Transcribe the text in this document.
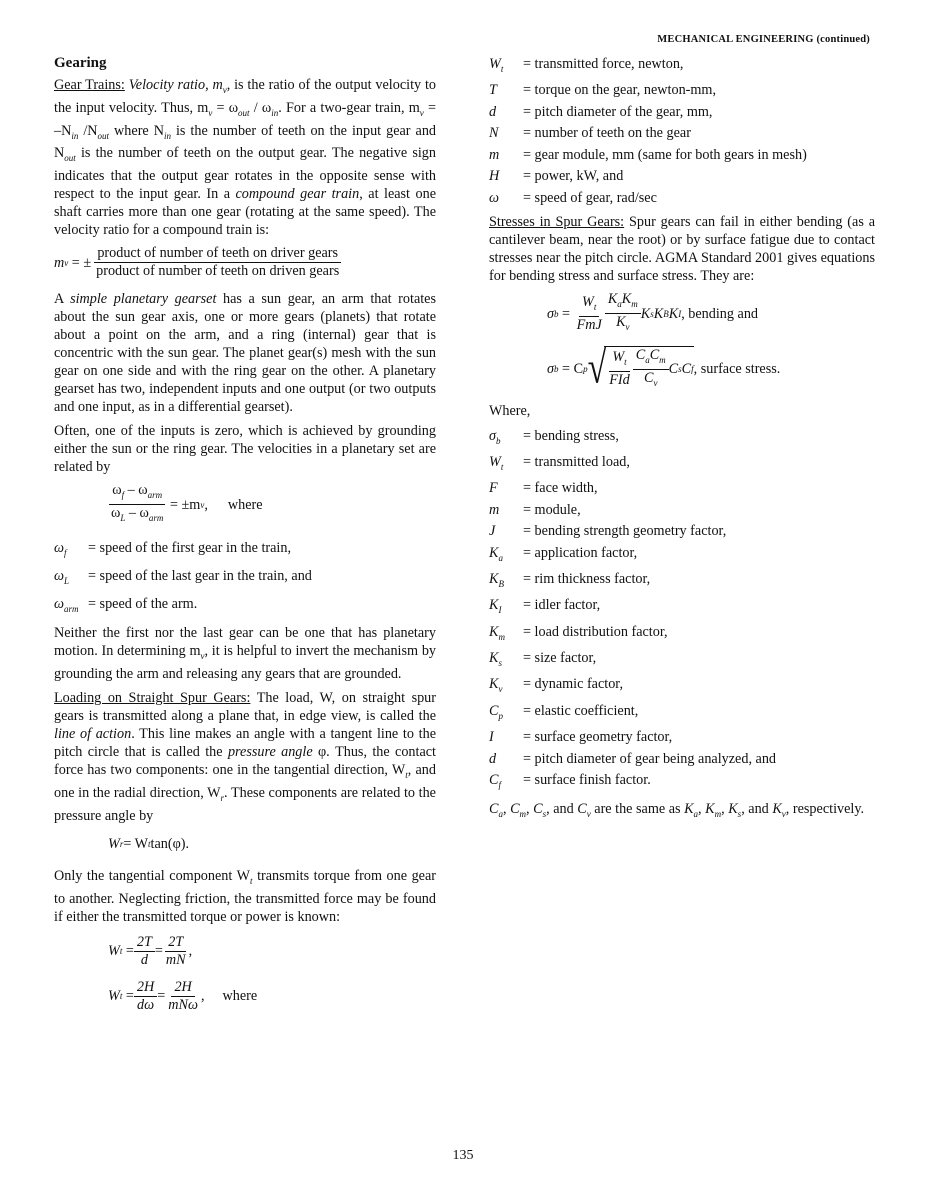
MECHANICAL ENGINEERING (continued)
Gearing

Gear Trains: Velocity ratio, $m_v$, is the ratio of the output velocity to the input velocity. Thus, $m_v = \omega_{out} / \omega_{in}$. For a two-gear train, $m_v = -N_{in}$ $/N_{out}$ where $N_{in}$ is the number of teeth on the input gear and $N_{out}$ is the number of teeth on the output gear. The negative sign indicates that the output gear rotates in the opposite sense with respect to the input gear. In a compound gear train, at least one shaft carries more than one gear (rotating at the same speed). The velocity ratio for a compound train is:

m v
= ± $\frac{\text{product of number of teeth on driver gears}}{\text{product of number of teeth on driven gears}}$

A simple planetary gearset has a sun gear, an arm that rotates about the sun gear axis, one or more gears (planets) that rotate about a point on the arm, and a ring (internal) gear that is concentric with the sun gear. The planet gear(s) mesh with the sun gear on one side and with the ring gear on the other. A planetary gearset has two, independent inputs and one output (or two outputs and one input, as in a differential gearset).

Often, one of the inputs is zero, which is achieved by grounding either the sun or the ring gear. The velocities in a planetary set are related by

$\frac{\omega_f - \omega_{arm}}{\omega_L - \omega_{arm}}$
= ±m v , where
$\omega_f$	= speed of the first gear in the train,
$\omega_L$	= speed of the last gear in the train, and
$\omega_{arm}$ = speed of the arm.

Neither the first nor the last gear can be one that has planetary motion. In determining $m_v$, it is helpful to invert the mechanism by grounding the arm and releasing any gears that are grounded.

Loading on Straight Spur Gears: The load, W, on straight spur gears is transmitted along a plane that, in edge view, is called the line of action. This line makes an angle with a tangent line to the pitch circle that is called the pressure angle φ. Thus, the contact force has two components: one in the tangential direction, $W_t$, and one in the radial direction, $W_r$. These components are related to the pressure angle by

W r = W t tan(φ).

Only the tangential component $W_t$ transmits torque from one gear to another. Neglecting friction, the transmitted force may be found if either the transmitted torque or power is known:

W $t = \frac{2T}{d} = \frac{2T}{mN}$ ,
W $t = \frac{2H}{d\omega} = \frac{2H}{\text{mNω}}$ , where
$W_t$	= transmitted force, newton,
T	= torque on the gear, newton-mm,
d	= pitch diameter of the gear, mm,
N	= number of teeth on the gear
m	= gear module, mm (same for both gears in mesh)
H	= power, kW, and
ω	= speed of gear, rad/sec

Stresses in Spur Gears: Spur gears can fail in either bending (as a cantilever beam, near the root) or by surface fatigue due to contact stresses near the pitch circle. AGMA Standard 2001 gives equations for bending stress and surface stress. They are:

σ $b = \frac{W_t}{\text{FmJ}} \frac{K_aK_m}{K_v}$ K s K B K I , bending and
σ b
= C p √ $\frac{W_t}{\text{FId}} \frac{C_aC_m}{C_v}$ C s C f , surface stress.

Where,

$\sigma_b$	= bending stress,
$W_t$	= transmitted load,
F	= face width,
m	= module,
J	= bending strength geometry factor,
$K_a$	= application factor,
$K_B$	= rim thickness factor,
$K_I$	= idler factor,
$K_m$	= load distribution factor,
$K_s$	= size factor,
$K_v$	= dynamic factor,
$C_p$	= elastic coefficient,
I	= surface geometry factor,
d	= pitch diameter of gear being analyzed, and
$C_f$	= surface finish factor.

$C_a$, $C_m$, $C_s$, and $C_v$ are the same as $K_a$, $K_m$, $K_s$, and $K_v$, respectively.

135
